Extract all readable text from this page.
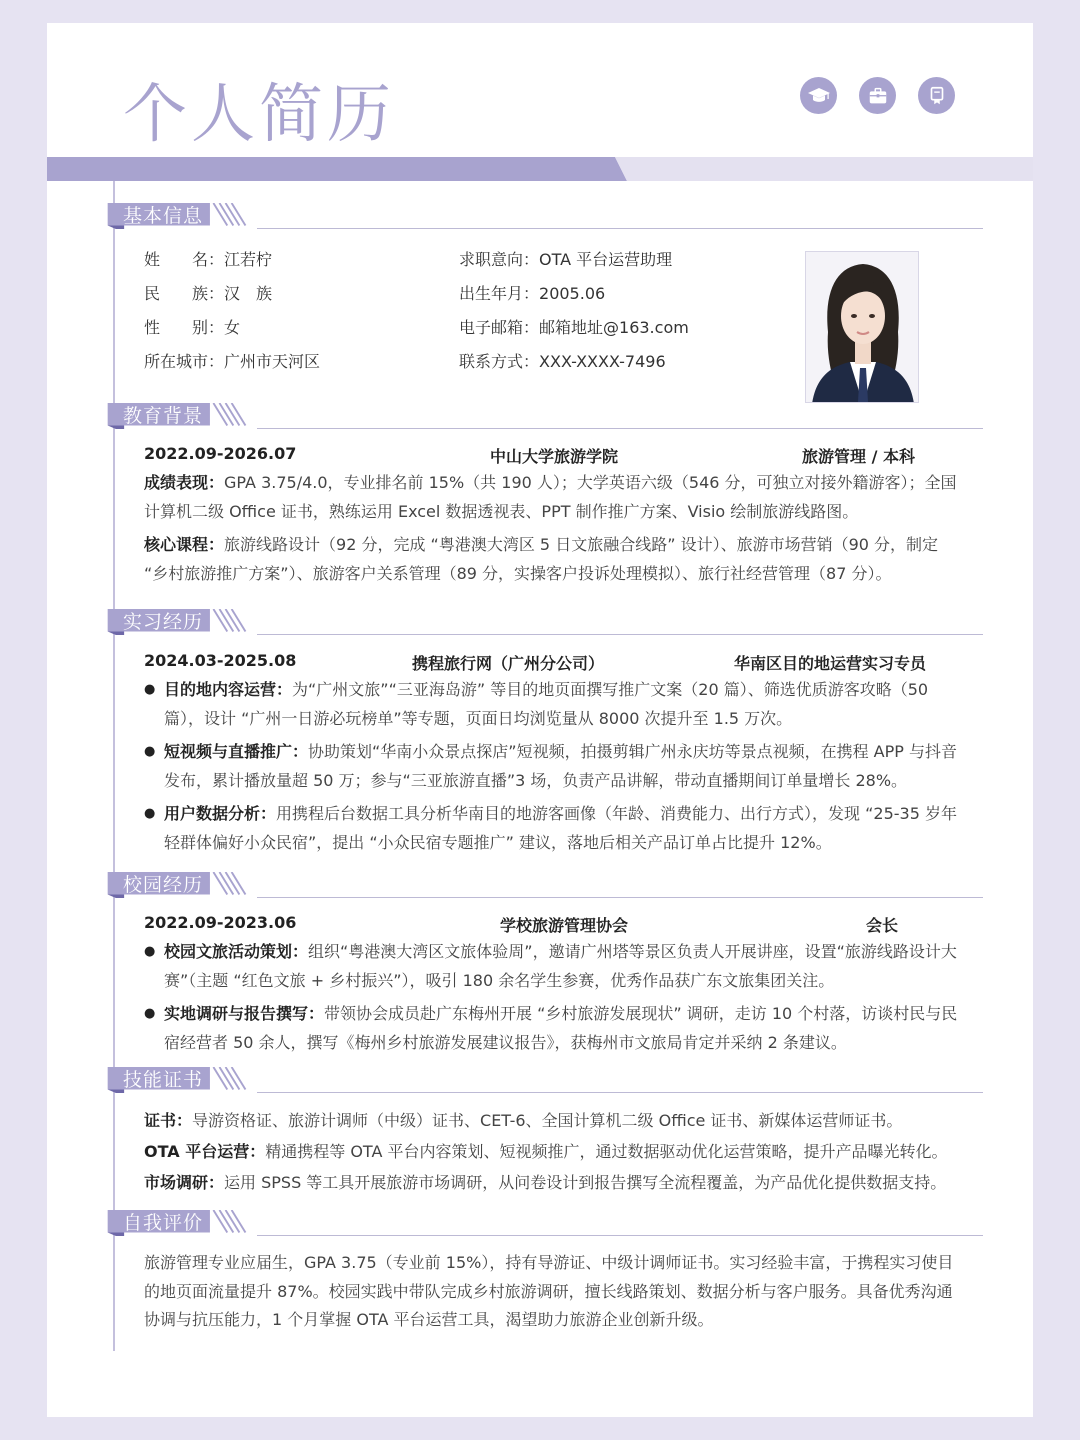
个人简历
基本信息
姓　　名： 江若柠
民　　族： 汉　族
性　　别： 女
所在城市： 广州市天河区
求职意向： OTA 平台运营助理
出生年月： 2005.06
电子邮箱： 邮箱地址@163.com
联系方式： XXX-XXXX-7496
教育背景
2022.09-2026.07	中山大学旅游学院	旅游管理 / 本科
成绩表现：GPA 3.75/4.0，专业排名前 15%（共 190 人）；大学英语六级（546 分，可独立对接外籍游客）；全国计算机二级 Office 证书，熟练运用 Excel 数据透视表、PPT 制作推广方案、Visio 绘制旅游线路图。
核心课程：旅游线路设计（92 分，完成 “粤港澳大湾区 5 日文旅融合线路” 设计）、旅游市场营销（90 分，制定 “乡村旅游推广方案”）、旅游客户关系管理（89 分，实操客户投诉处理模拟）、旅行社经营管理（87 分）。
实习经历
2024.03-2025.08	携程旅行网（广州分公司）	华南区目的地运营实习专员
● 目的地内容运营：为“广州文旅”“三亚海岛游” 等目的地页面撰写推广文案（20 篇）、筛选优质游客攻略（50 篇），设计 “广州一日游必玩榜单”等专题，页面日均浏览量从 8000 次提升至 1.5 万次。
● 短视频与直播推广：协助策划“华南小众景点探店”短视频，拍摄剪辑广州永庆坊等景点视频，在携程 APP 与抖音发布，累计播放量超 50 万；参与“三亚旅游直播”3 场，负责产品讲解，带动直播期间订单量增长 28%。
● 用户数据分析：用携程后台数据工具分析华南目的地游客画像（年龄、消费能力、出行方式），发现 “25-35 岁年轻群体偏好小众民宿”，提出 “小众民宿专题推广” 建议，落地后相关产品订单占比提升 12%。
校园经历
2022.09-2023.06	学校旅游管理协会	会长
● 校园文旅活动策划：组织“粤港澳大湾区文旅体验周”，邀请广州塔等景区负责人开展讲座，设置“旅游线路设计大赛”（主题 “红色文旅 + 乡村振兴”），吸引 180 余名学生参赛，优秀作品获广东文旅集团关注。
● 实地调研与报告撰写：带领协会成员赴广东梅州开展 “乡村旅游发展现状” 调研，走访 10 个村落，访谈村民与民宿经营者 50 余人，撰写《梅州乡村旅游发展建议报告》，获梅州市文旅局肯定并采纳 2 条建议。
技能证书
证书：导游资格证、旅游计调师（中级）证书、CET-6、全国计算机二级 Office 证书、新媒体运营师证书。
OTA 平台运营：精通携程等 OTA 平台内容策划、短视频推广，通过数据驱动优化运营策略，提升产品曝光转化。
市场调研：运用 SPSS 等工具开展旅游市场调研，从问卷设计到报告撰写全流程覆盖，为产品优化提供数据支持。
自我评价
旅游管理专业应届生，GPA 3.75（专业前 15%），持有导游证、中级计调师证书。实习经验丰富，于携程实习使目的地页面流量提升 87%。校园实践中带队完成乡村旅游调研，擅长线路策划、数据分析与客户服务。具备优秀沟通协调与抗压能力，1 个月掌握 OTA 平台运营工具，渴望助力旅游企业创新升级。
